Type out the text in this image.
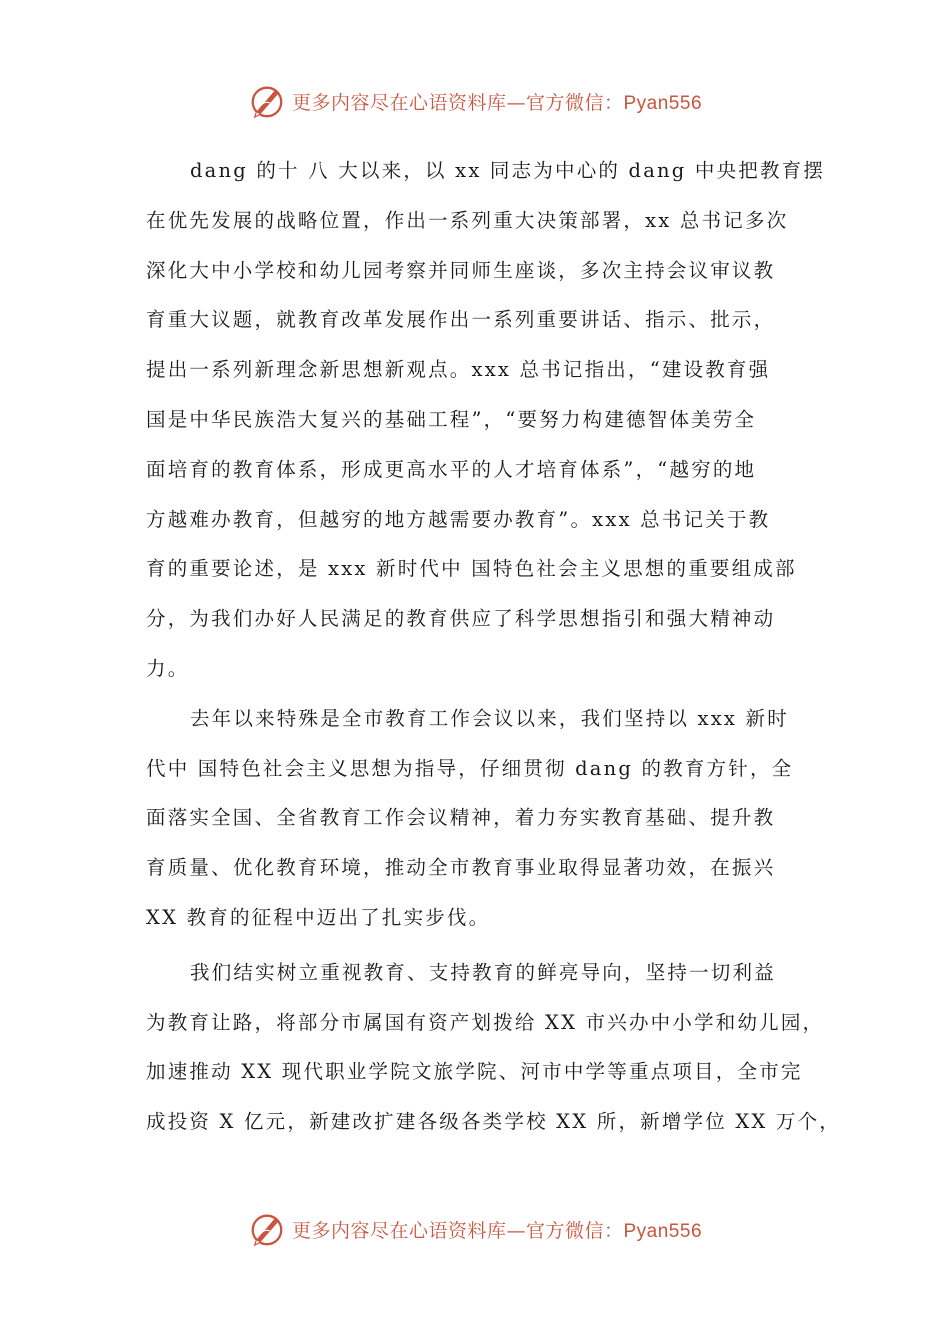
更多内容尽在心语资料库—官方微信：Pyan556

dang 的十 八 大以来，以 xx 同志为中心的 dang 中央把教育摆
在优先发展的战略位置，作出一系列重大决策部署，xx 总书记多次
深化大中小学校和幼儿园考察并同师生座谈，多次主持会议审议教
育重大议题，就教育改革发展作出一系列重要讲话、指示、批示，
提出一系列新理念新思想新观点。xxx 总书记指出，“建设教育强
国是中华民族浩大复兴的基础工程”，“要努力构建德智体美劳全
面培育的教育体系，形成更高水平的人才培育体系”，“越穷的地
方越难办教育，但越穷的地方越需要办教育”。xxx 总书记关于教
育的重要论述，是 xxx 新时代中 国特色社会主义思想的重要组成部
分，为我们办好人民满足的教育供应了科学思想指引和强大精神动
力。

去年以来特殊是全市教育工作会议以来，我们坚持以 xxx 新时
代中 国特色社会主义思想为指导，仔细贯彻 dang 的教育方针，全
面落实全国、全省教育工作会议精神，着力夯实教育基础、提升教
育质量、优化教育环境，推动全市教育事业取得显著功效，在振兴
XX 教育的征程中迈出了扎实步伐。

我们结实树立重视教育、支持教育的鲜亮导向，坚持一切利益
为教育让路，将部分市属国有资产划拨给 XX 市兴办中小学和幼儿园，
加速推动 XX 现代职业学院文旅学院、河市中学等重点项目，全市完
成投资 X 亿元，新建改扩建各级各类学校 XX 所，新增学位 XX 万个，

更多内容尽在心语资料库—官方微信：Pyan556
